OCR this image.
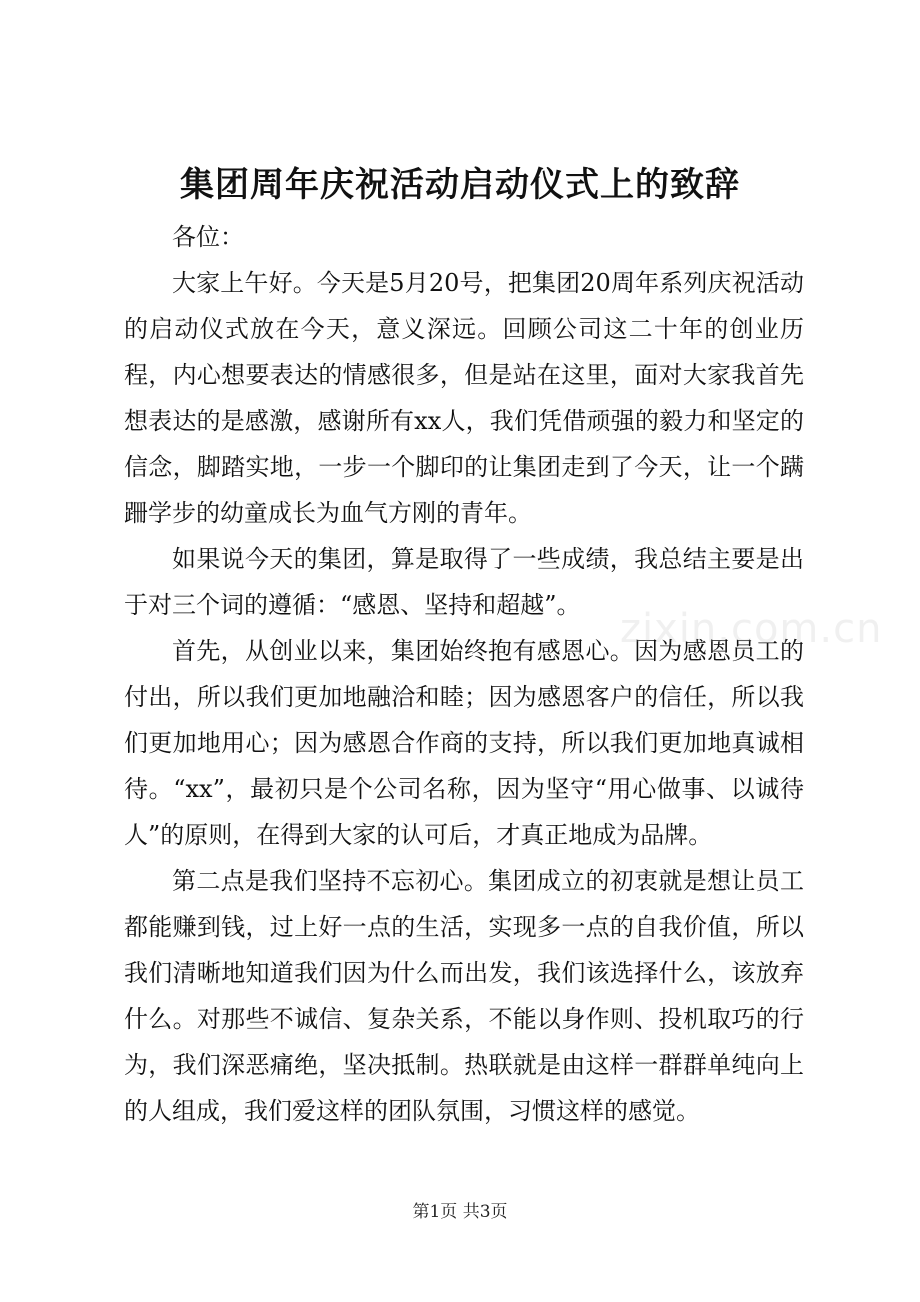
集团周年庆祝活动启动仪式上的致辞

各位：

大家上午好。今天是5月20号，把集团20周年系列庆祝活动的启动仪式放在今天，意义深远。回顾公司这二十年的创业历程，内心想要表达的情感很多，但是站在这里，面对大家我首先想表达的是感激，感谢所有xx人，我们凭借顽强的毅力和坚定的信念，脚踏实地，一步一个脚印的让集团走到了今天，让一个蹒跚学步的幼童成长为血气方刚的青年。

如果说今天的集团，算是取得了一些成绩，我总结主要是出于对三个词的遵循：“感恩、坚持和超越”。

首先，从创业以来，集团始终抱有感恩心。因为感恩员工的付出，所以我们更加地融洽和睦；因为感恩客户的信任，所以我们更加地用心；因为感恩合作商的支持，所以我们更加地真诚相待。“xx”，最初只是个公司名称，因为坚守“用心做事、以诚待人”的原则，在得到大家的认可后，才真正地成为品牌。

第二点是我们坚持不忘初心。集团成立的初衷就是想让员工都能赚到钱，过上好一点的生活，实现多一点的自我价值，所以我们清晰地知道我们因为什么而出发，我们该选择什么，该放弃什么。对那些不诚信、复杂关系，不能以身作则、投机取巧的行为，我们深恶痛绝，坚决抵制。热联就是由这样一群群单纯向上的人组成，我们爱这样的团队氛围，习惯这样的感觉。

zixin.com.cn
第1页 共3页
